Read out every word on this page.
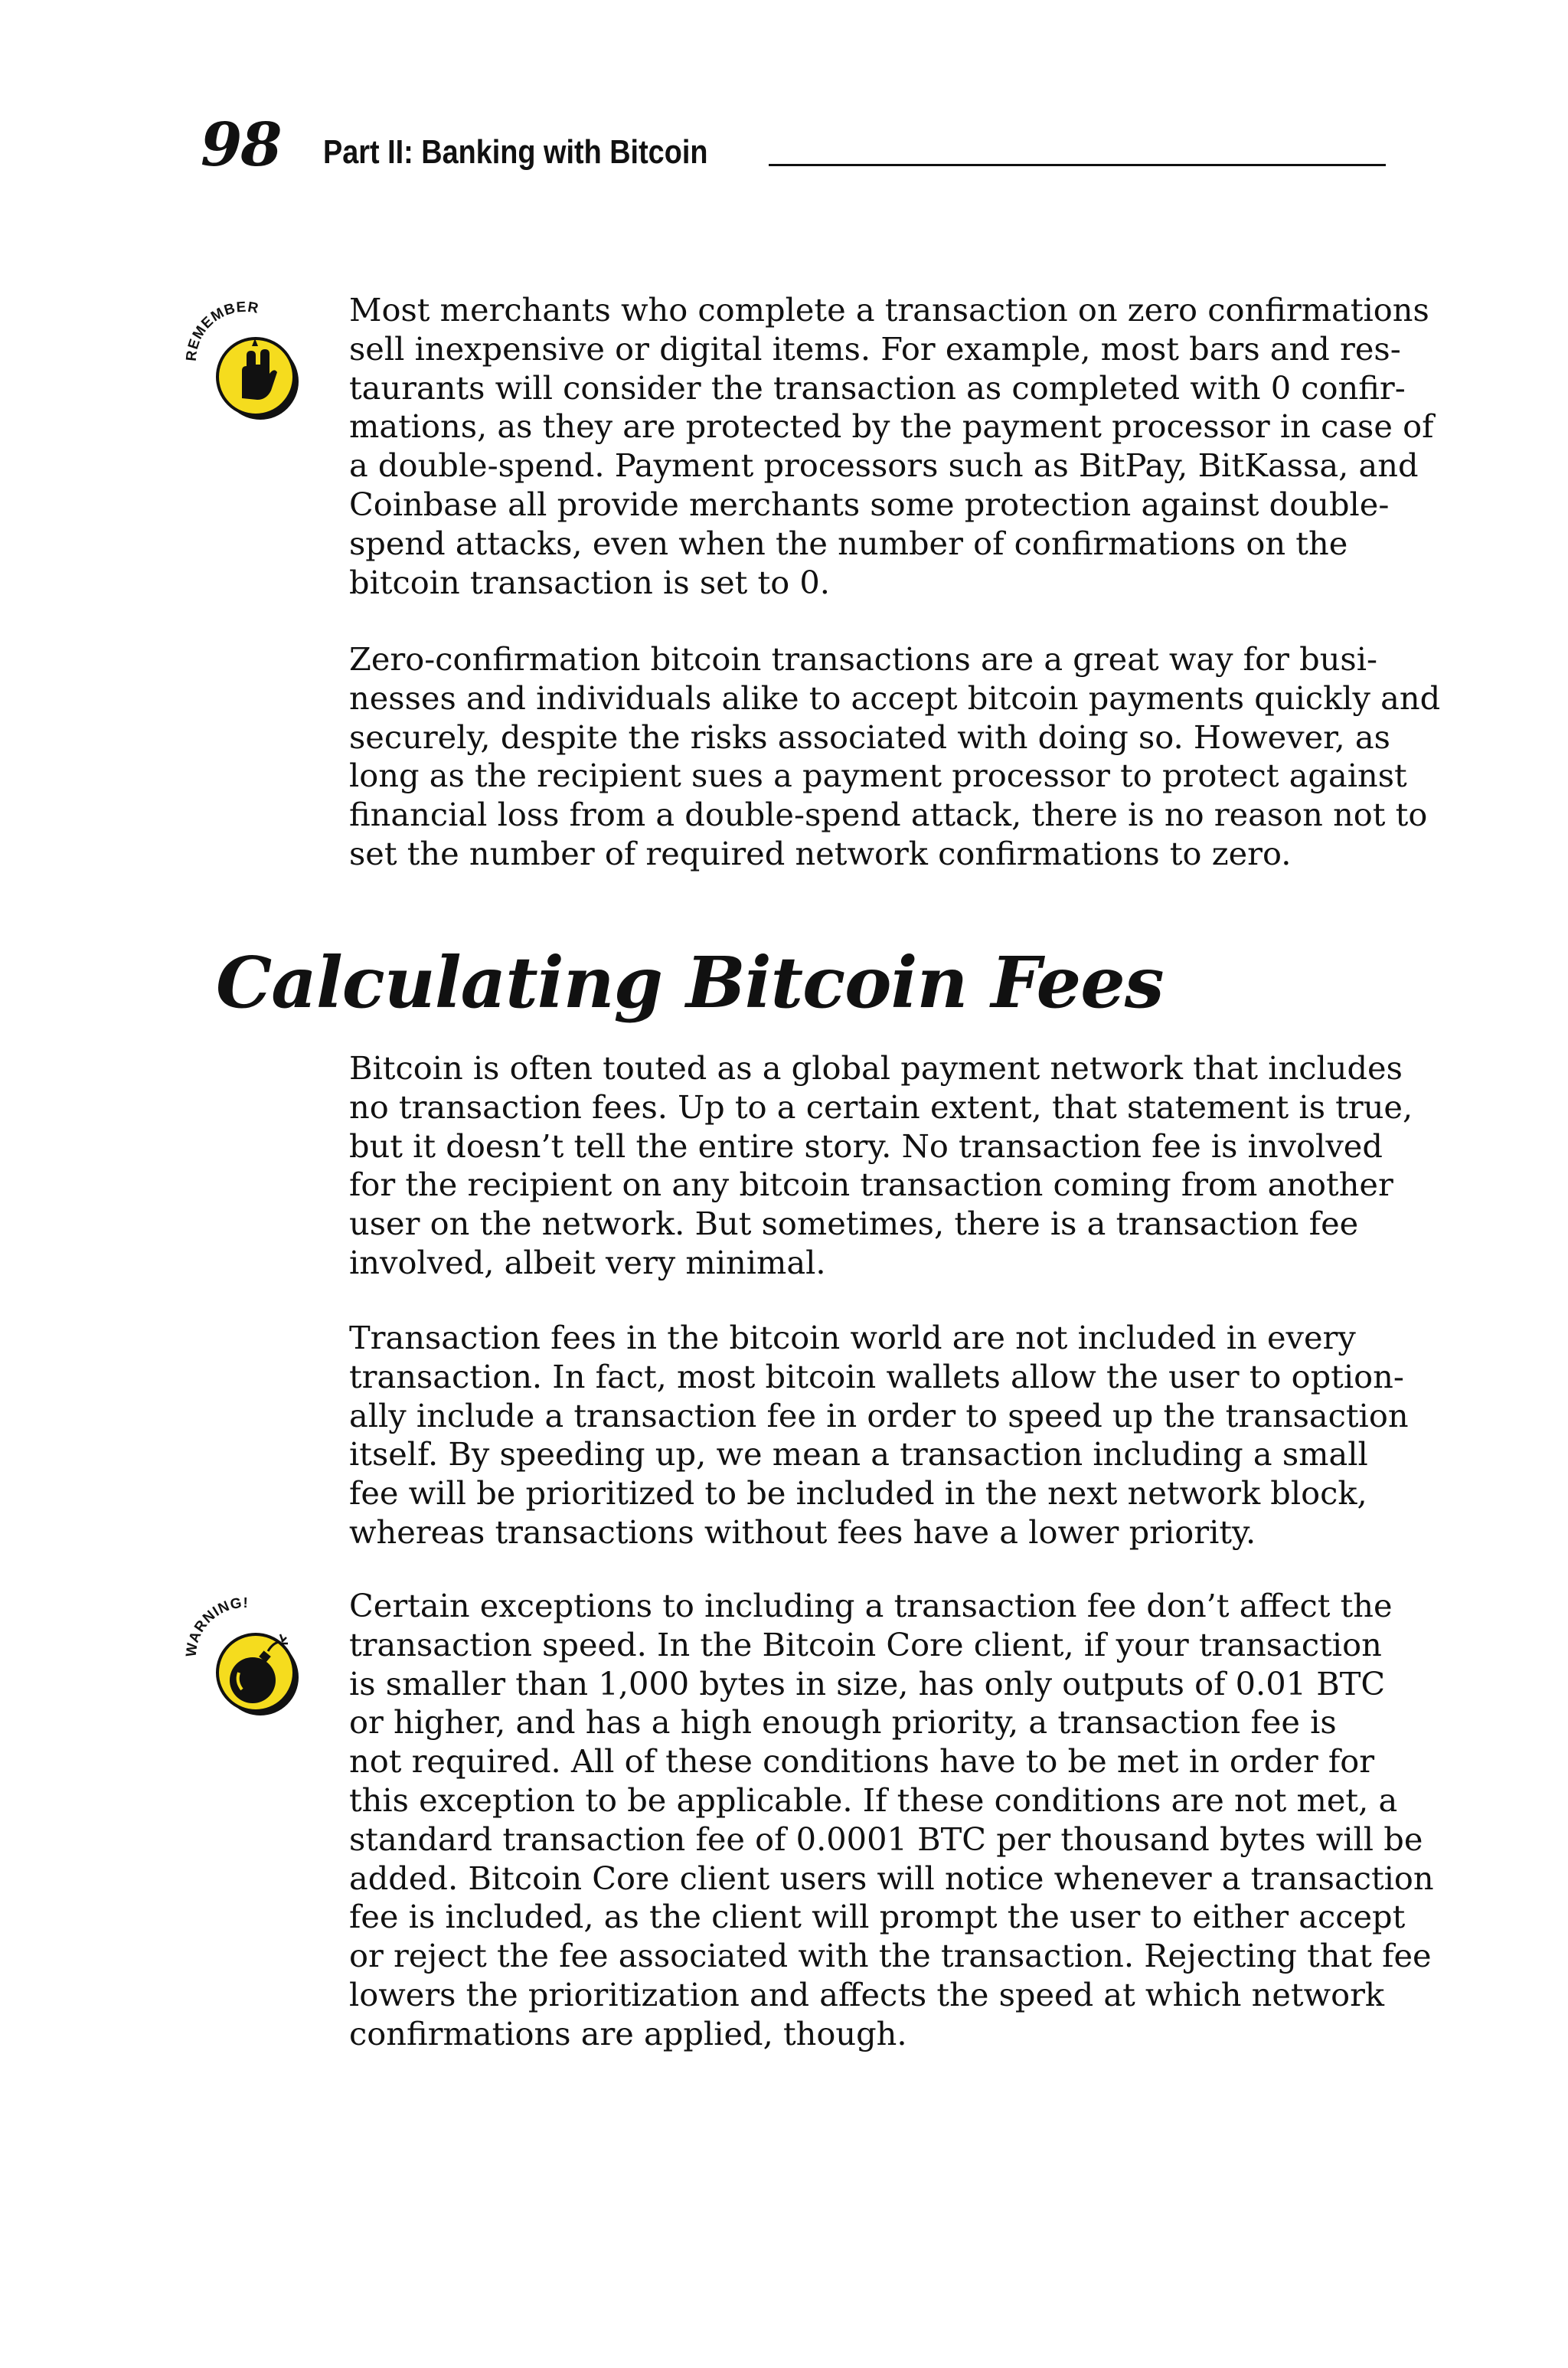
98 Part II: Banking with Bitcoin
REMEMBER	Most merchants who complete a transaction on zero confirmations
sell inexpensive or digital items. For example, most bars and res-
taurants will consider the transaction as completed with 0 confir-
mations, as they are protected by the payment processor in case of
a double-spend. Payment processors such as BitPay, BitKassa, and
Coinbase all provide merchants some protection against double-
spend attacks, even when the number of confirmations on the
bitcoin transaction is set to 0.
Zero-confirmation bitcoin transactions are a great way for busi-
nesses and individuals alike to accept bitcoin payments quickly and
securely, despite the risks associated with doing so. However, as
long as the recipient sues a payment processor to protect against
financial loss from a double-spend attack, there is no reason not to
set the number of required network confirmations to zero.
Calculating Bitcoin Fees
Bitcoin is often touted as a global payment network that includes
no transaction fees. Up to a certain extent, that statement is true,
but it doesn’t tell the entire story. No transaction fee is involved
for the recipient on any bitcoin transaction coming from another
user on the network. But sometimes, there is a transaction fee
involved, albeit very minimal.
Transaction fees in the bitcoin world are not included in every
transaction. In fact, most bitcoin wallets allow the user to option-
ally include a transaction fee in order to speed up the transaction
itself. By speeding up, we mean a transaction including a small
fee will be prioritized to be included in the next network block,
whereas transactions without fees have a lower priority.
WARNING!	Certain exceptions to including a transaction fee don’t affect the
transaction speed. In the Bitcoin Core client, if your transaction
is smaller than 1,000 bytes in size, has only outputs of 0.01 BTC
or higher, and has a high enough priority, a transaction fee is
not required. All of these conditions have to be met in order for
this exception to be applicable. If these conditions are not met, a
standard transaction fee of 0.0001 BTC per thousand bytes will be
added. Bitcoin Core client users will notice whenever a transaction
fee is included, as the client will prompt the user to either accept
or reject the fee associated with the transaction. Rejecting that fee
lowers the prioritization and affects the speed at which network
confirmations are applied, though.
